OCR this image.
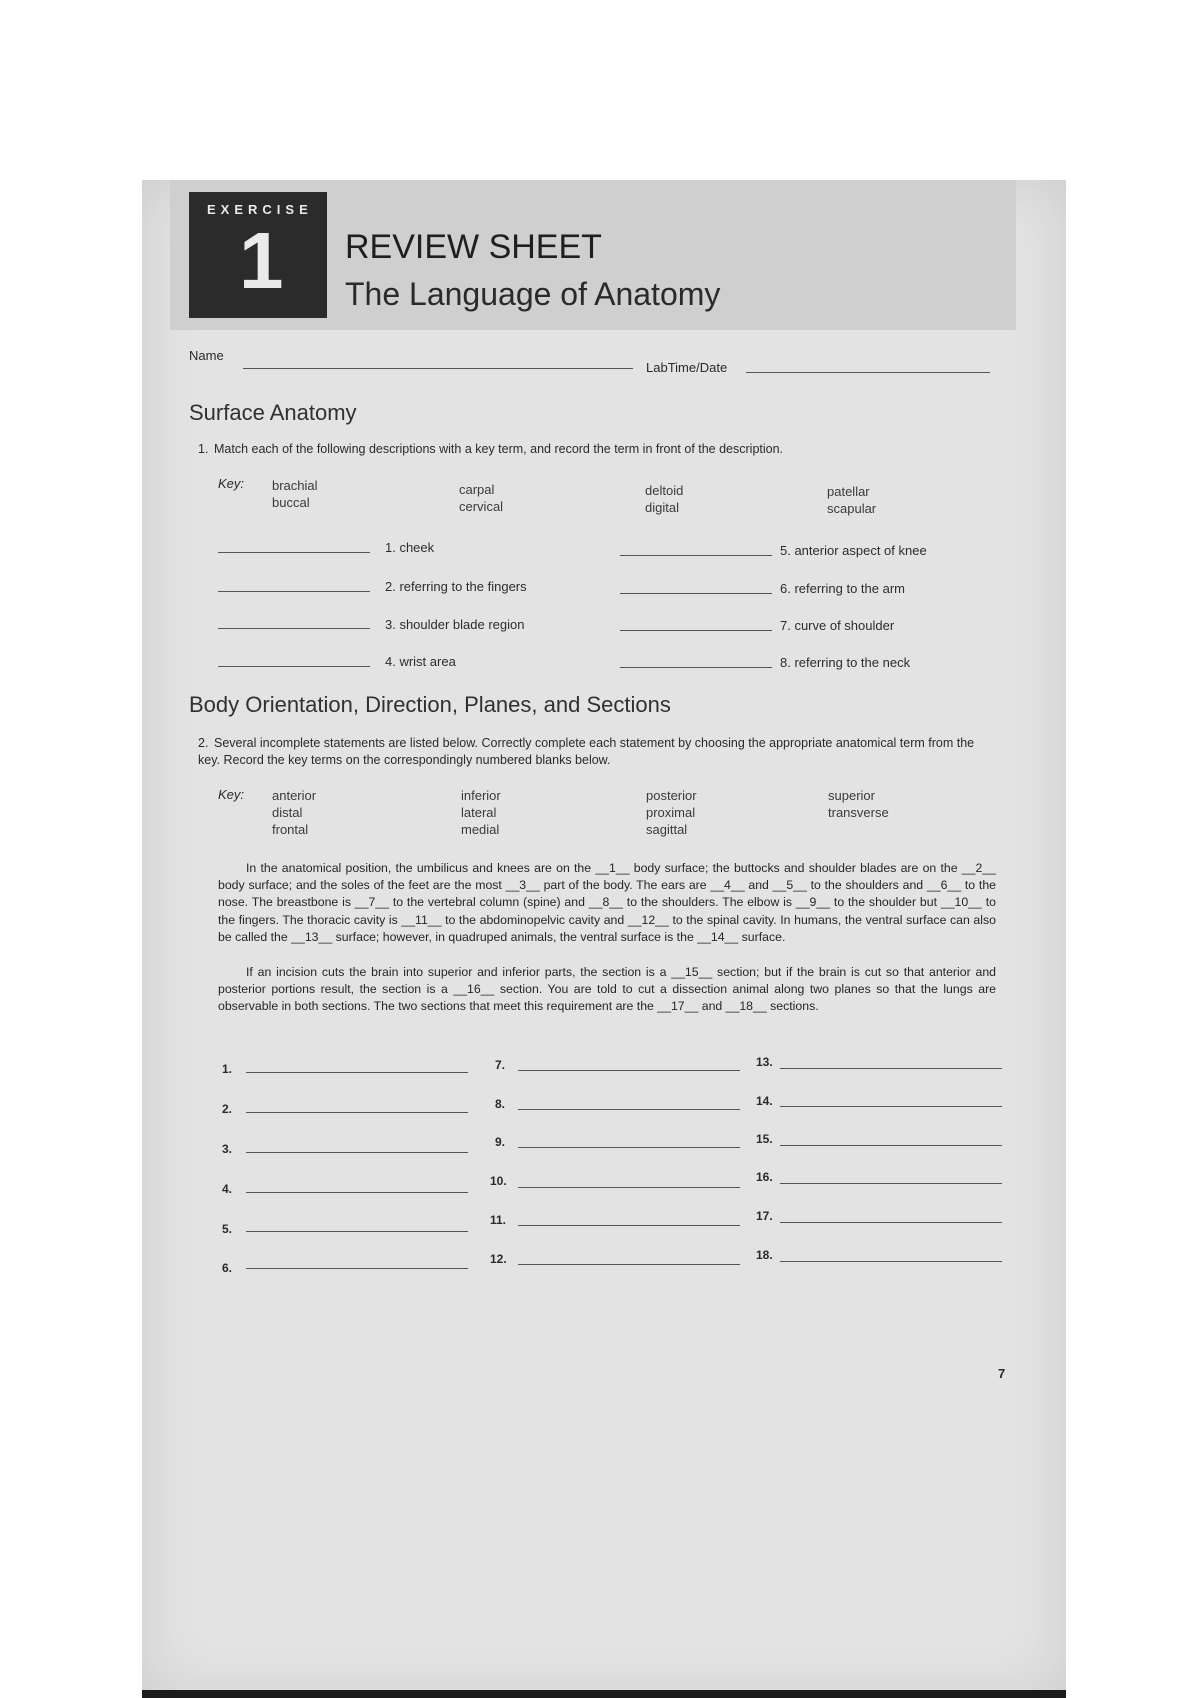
EXERCISE
1 REVIEW SHEET
The Language of Anatomy
Name
LabTime/Date
Surface Anatomy
1. Match each of the following descriptions with a key term, and record the term in front of the description.
Key: brachial
buccal
carpal
cervical
deltoid
digital
patellar
scapular
1. cheek
2. referring to the fingers
3. shoulder blade region
4. wrist area
5. anterior aspect of knee
6. referring to the arm
7. curve of shoulder
8. referring to the neck
Body Orientation, Direction, Planes, and Sections
2. Several incomplete statements are listed below. Correctly complete each statement by choosing the appropriate anatomical term from the key. Record the key terms on the correspondingly numbered blanks below.
Key: anterior
distal
frontal
inferior
lateral
medial
posterior
proximal
sagittal
superior
transverse
In the anatomical position, the umbilicus and knees are on the __1__ body surface; the buttocks and shoulder blades are on the __2__ body surface; and the soles of the feet are the most __3__ part of the body. The ears are __4__ and __5__ to the shoulders and __6__ to the nose. The breastbone is __7__ to the vertebral column (spine) and __8__ to the shoulders. The elbow is __9__ to the shoulder but __10__ to the fingers. The thoracic cavity is __11__ to the abdominopelvic cavity and __12__ to the spinal cavity. In humans, the ventral surface can also be called the __13__ surface; however, in quadruped animals, the ventral surface is the __14__ surface.
If an incision cuts the brain into superior and inferior parts, the section is a __15__ section; but if the brain is cut so that anterior and posterior portions result, the section is a __16__ section. You are told to cut a dissection animal along two planes so that the lungs are observable in both sections. The two sections that meet this requirement are the __17__ and __18__ sections.
1.
2.
3.
4.
5.
6.
7.
8.
9.
10.
11.
12.
13.
14.
15.
16.
17.
18.
7
